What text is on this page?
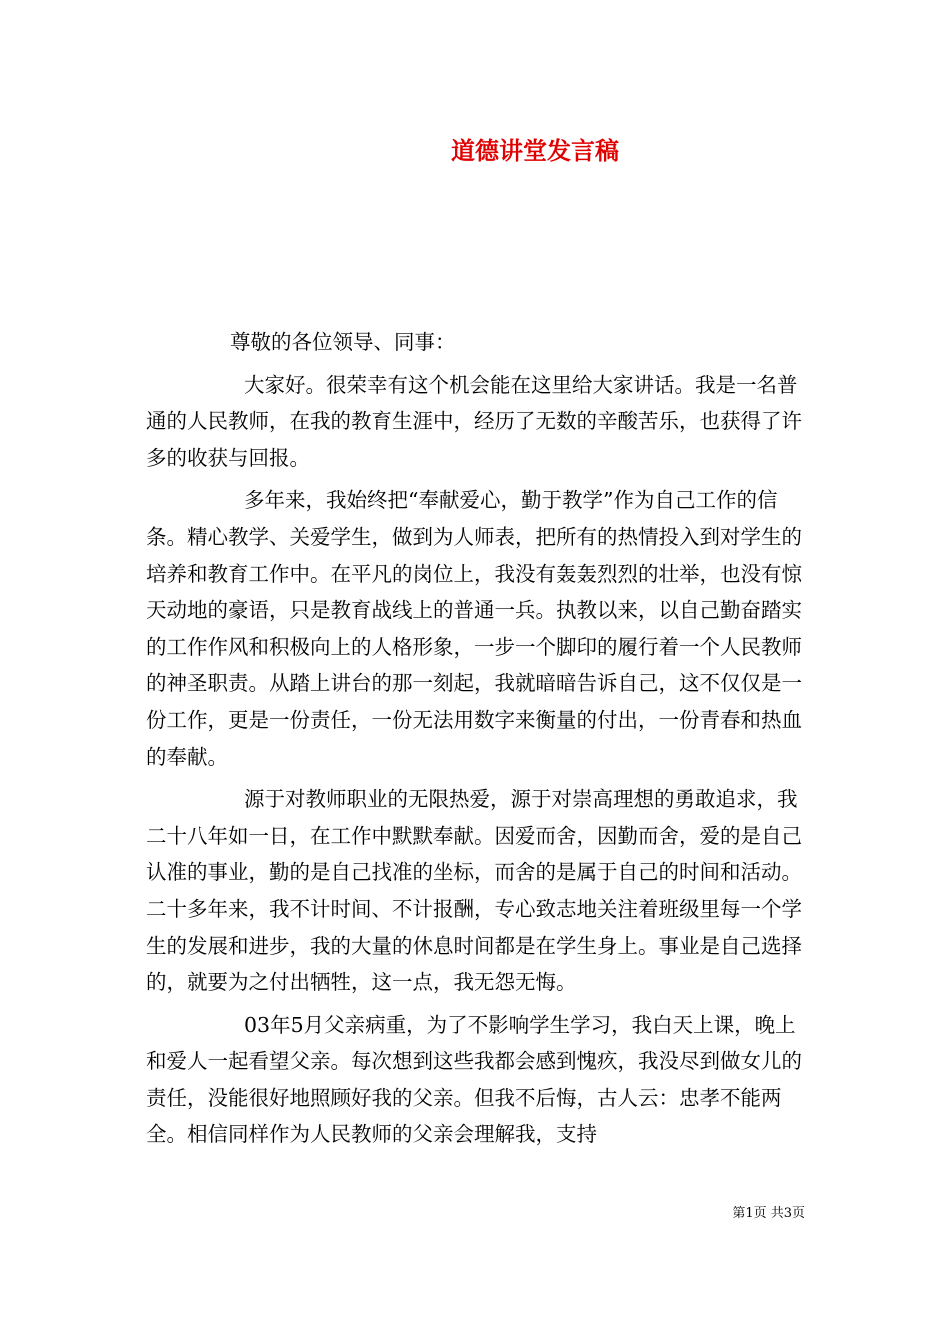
道德讲堂发言稿

尊敬的各位领导、同事：

大家好。很荣幸有这个机会能在这里给大家讲话。我是一名普通的人民教师，在我的教育生涯中，经历了无数的辛酸苦乐，也获得了许多的收获与回报。

多年来，我始终把“奉献爱心，勤于教学”作为自己工作的信条。精心教学、关爱学生，做到为人师表，把所有的热情投入到对学生的培养和教育工作中。在平凡的岗位上，我没有轰轰烈烈的壮举，也没有惊天动地的豪语，只是教育战线上的普通一兵。执教以来，以自己勤奋踏实的工作作风和积极向上的人格形象，一步一个脚印的履行着一个人民教师的神圣职责。从踏上讲台的那一刻起，我就暗暗告诉自己，这不仅仅是一份工作，更是一份责任，一份无法用数字来衡量的付出，一份青春和热血的奉献。

源于对教师职业的无限热爱，源于对崇高理想的勇敢追求，我二十八年如一日，在工作中默默奉献。因爱而舍，因勤而舍，爱的是自己认准的事业，勤的是自己找准的坐标，而舍的是属于自己的时间和活动。二十多年来，我不计时间、不计报酬，专心致志地关注着班级里每一个学生的发展和进步，我的大量的休息时间都是在学生身上。事业是自己选择的，就要为之付出牺牲，这一点，我无怨无悔。

03年5月父亲病重，为了不影响学生学习，我白天上课，晚上和爱人一起看望父亲。每次想到这些我都会感到愧疚，我没尽到做女儿的责任，没能很好地照顾好我的父亲。但我不后悔，古人云：忠孝不能两全。相信同样作为人民教师的父亲会理解我，支持

第1页 共3页
